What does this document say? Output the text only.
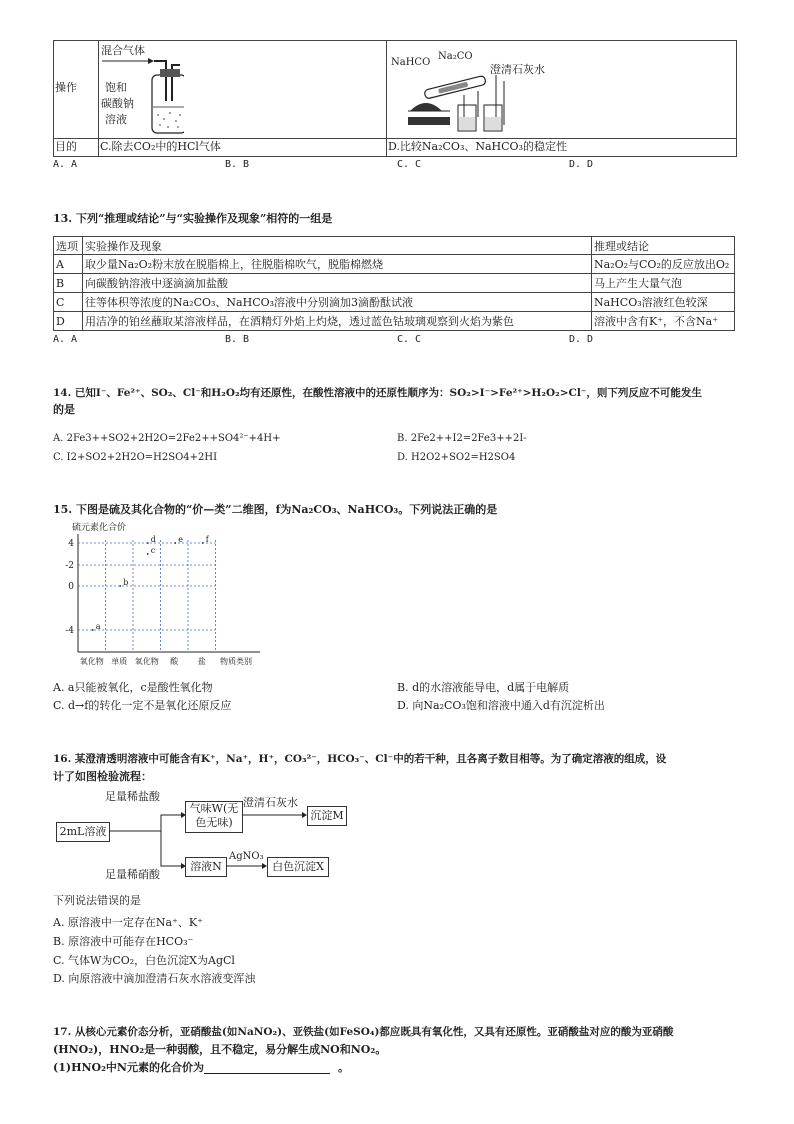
操作
目的 C.除去CO₂中的HCl气体	D.比较Na₂CO₃、NaHCO₃的稳定性
混合气体
饱和
碳酸钠
溶液
NaHCO
Na₂CO
澄清石灰水
A. A	B. B	C. C	D. D
13. 下列“推理或结论”与“实验操作及现象”相符的一组是
选项	实验操作及现象	推理或结论
A	取少量Na₂O₂粉末放在脱脂棉上，往脱脂棉吹气，脱脂棉燃烧	Na₂O₂与CO₂的反应放出O₂
B	向碳酸钠溶液中逐滴滴加盐酸	马上产生大量气泡
C	往等体积等浓度的Na₂CO₃、NaHCO₃溶液中分别滴加3滴酚酞试液	NaHCO₃溶液红色较深
D	用洁净的铂丝蘸取某溶液样品，在酒精灯外焰上灼烧，透过蓝色钴玻璃观察到火焰为紫色	溶液中含有K⁺，不含Na⁺
A. A	B. B	C. C	D. D
14. 已知I⁻、Fe²⁺、SO₂、Cl⁻和H₂O₂均有还原性，在酸性溶液中的还原性顺序为：SO₂>I⁻>Fe²⁺>H₂O₂>Cl⁻，则下列反应不可能发生
的是
A. 2Fe3++SO2+2H2O=2Fe2++SO4²⁻+4H+	B. 2Fe2++I2=2Fe3++2I-
C. I2+SO2+2H2O=H2SO4+2HI	D. H2O2+SO2=H2SO4
15. 下图是硫及其化合物的“价—类”二维图，f为Na₂CO₃、NaHCO₃。下列说法正确的是
4
-2
0
-4
氧化物 单质 氧化物 酸 盐
硫元素化合价
物质类别
a
b
c
d	e	f
A. a只能被氧化，c是酸性氧化物	B. d的水溶液能导电，d属于电解质
C. d→f的转化一定不是氧化还原反应	D. 向Na₂CO₃饱和溶液中通入d有沉淀析出
16. 某澄清透明溶液中可能含有K⁺，Na⁺，H⁺，CO₃²⁻，HCO₃⁻、Cl⁻中的若干种，且各离子数目相等。为了确定溶液的组成，设
计了如图检验流程：
2mL溶液
气味W(无
色无味)
沉淀M
溶液N	白色沉淀X
足量稀盐酸	澄清石灰水
足量稀硝酸
AgNO₃
下列说法错误的是
A. 原溶液中一定存在Na⁺、K⁺
B. 原溶液中可能存在HCO₃⁻
C. 气体W为CO₂，白色沉淀X为AgCl
D. 向原溶液中滴加澄清石灰水溶液变浑浊
17. 从核心元素价态分析，亚硝酸盐(如NaNO₂)、亚铁盐(如FeSO₄)都应既具有氧化性，又具有还原性。亚硝酸盐对应的酸为亚硝酸
(HNO₂)，HNO₂是一种弱酸，且不稳定，易分解生成NO和NO₂。
(1)HNO₂中N元素的化合价为	。
